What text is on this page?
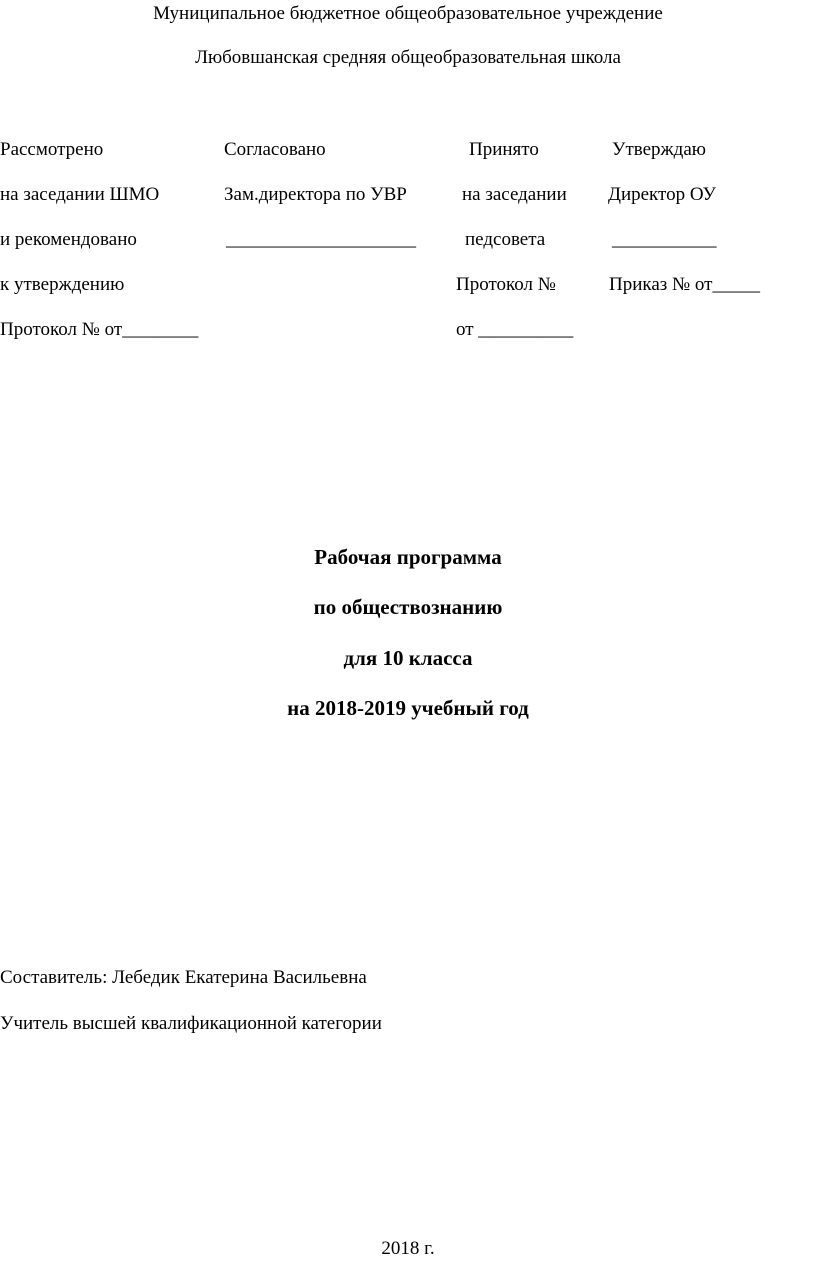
Муниципальное бюджетное общеобразовательное учреждение
Любовшанская средняя общеобразовательная школа
Рассмотрено
на заседании ШМО
и рекомендовано
к утверждению
Протокол № от________
Согласовано
Зам.директора по УВР
____________________
Принято
на заседании
педсовета
Протокол №
от __________
Утверждаю
Директор ОУ
___________
Приказ № от_____
Рабочая программа
по обществознанию
для 10 класса
на 2018-2019 учебный год
Составитель: Лебедик Екатерина Васильевна
Учитель высшей квалификационной категории
2018 г.
